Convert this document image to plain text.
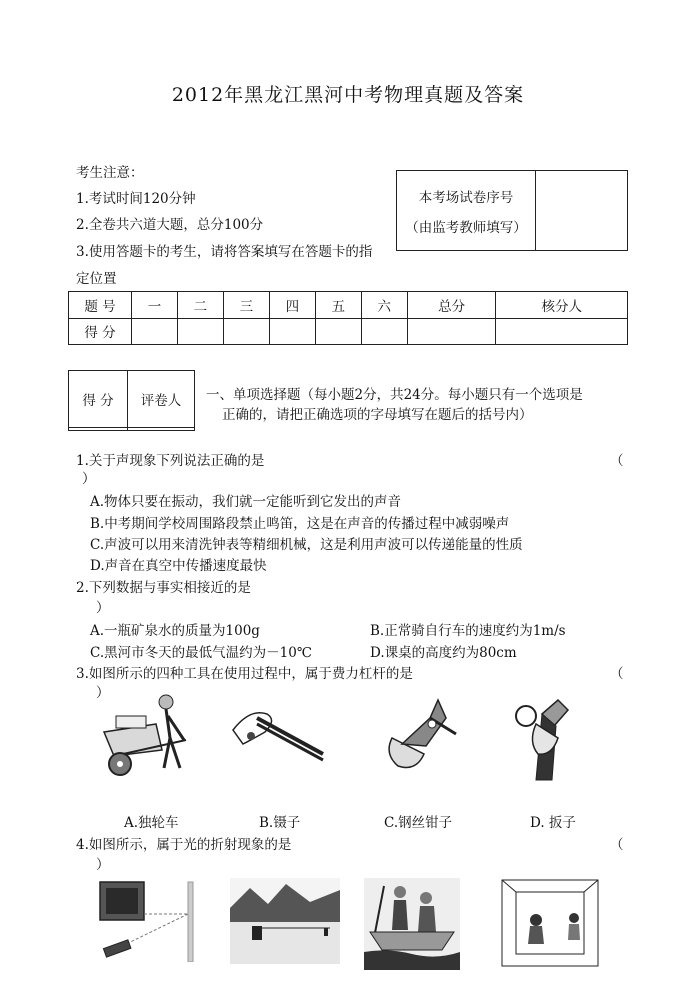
2012年黑龙江黑河中考物理真题及答案
考生注意：
1.考试时间120分钟
2.全卷共六道大题，总分100分
3.使用答题卡的考生，请将答案填写在答题卡的指
定位置
本考场试卷序号
（由监考教师填写）

题 号	一	二	三	四	五	六	总分	核分人
得 分								
得 分	评卷人
	一、单项选择题（每小题2分，共24分。每小题只有一个选项是
正确的，请把正确选项的字母填写在题后的括号内）
1.关于声现象下列说法正确的是	（
）
A.物体只要在振动，我们就一定能听到它发出的声音
B.中考期间学校周围路段禁止鸣笛，这是在声音的传播过程中减弱噪声
C.声波可以用来清洗钟表等精细机械，这是利用声波可以传递能量的性质
D.声音在真空中传播速度最快
2.下列数据与事实相接近的是
）
A.一瓶矿泉水的质量为100g	B.正常骑自行车的速度约为1m/s
C.黑河市冬天的最低气温约为－10℃	D.课桌的高度约为80cm
3.如图所示的四种工具在使用过程中，属于费力杠杆的是	（
）
A.独轮车	B.镊子	C.钢丝钳子	D. 扳子
4.如图所示，属于光的折射现象的是	（
）
